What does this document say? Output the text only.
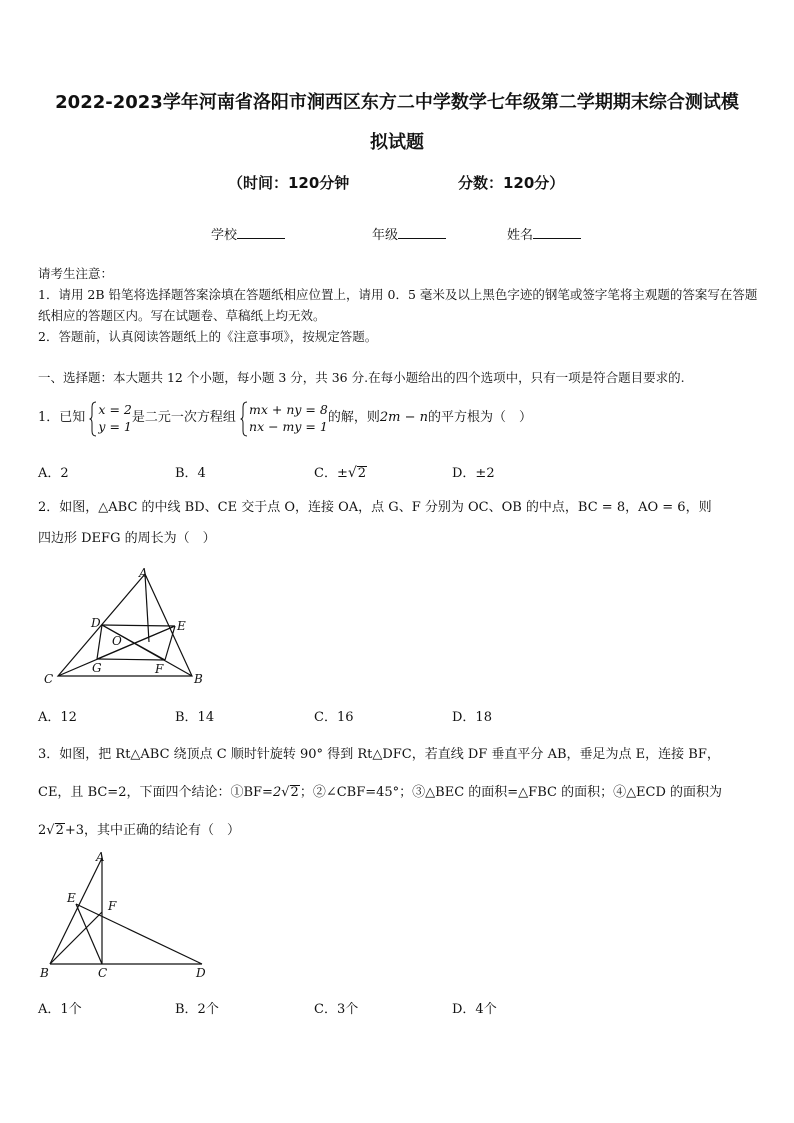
2022-2023学年河南省洛阳市涧西区东方二中学数学七年级第二学期期末综合测试模
拟试题
（时间：120分钟	分数：120分）
学校	年级	姓名
请考生注意：
1．请用 2B 铅笔将选择题答案涂填在答题纸相应位置上，请用 0．5 毫米及以上黑色字迹的钢笔或签字笔将主观题的答案写在答题纸相应的答题区内。写在试题卷、草稿纸上均无效。
2．答题前，认真阅读答题纸上的《注意事项》，按规定答题。
一、选择题：本大题共 12 个小题，每小题 3 分，共 36 分.在每小题给出的四个选项中，只有一项是符合题目要求的.
1．已知
x = 2
y = 1
是二元一次方程组
mx + ny = 8
nx − my = 1
的解，则2m − n的平方根为（　）
A．2	B．4	C．±√2	D．±2
2．如图，△ABC 的中线 BD、CE 交于点 O，连接 OA，点 G、F 分别为 OC、OB 的中点，BC = 8，AO = 6，则
四边形 DEFG 的周长为（　）
A
D	E
O
G	F
C	B
A．12	B．14	C．16	D．18
3．如图，把 Rt△ABC 绕顶点 C 顺时针旋转 90° 得到 Rt△DFC，若直线 DF 垂直平分 AB，垂足为点 E，连接 BF，
CE，且 BC=2，下面四个结论：①BF=2√2；②∠CBF=45°；③△BEC 的面积=△FBC 的面积；④△ECD 的面积为
2√2+3，其中正确的结论有（　）
A
E
F
B	C	D
A．1个	B．2个	C．3个	D．4个
